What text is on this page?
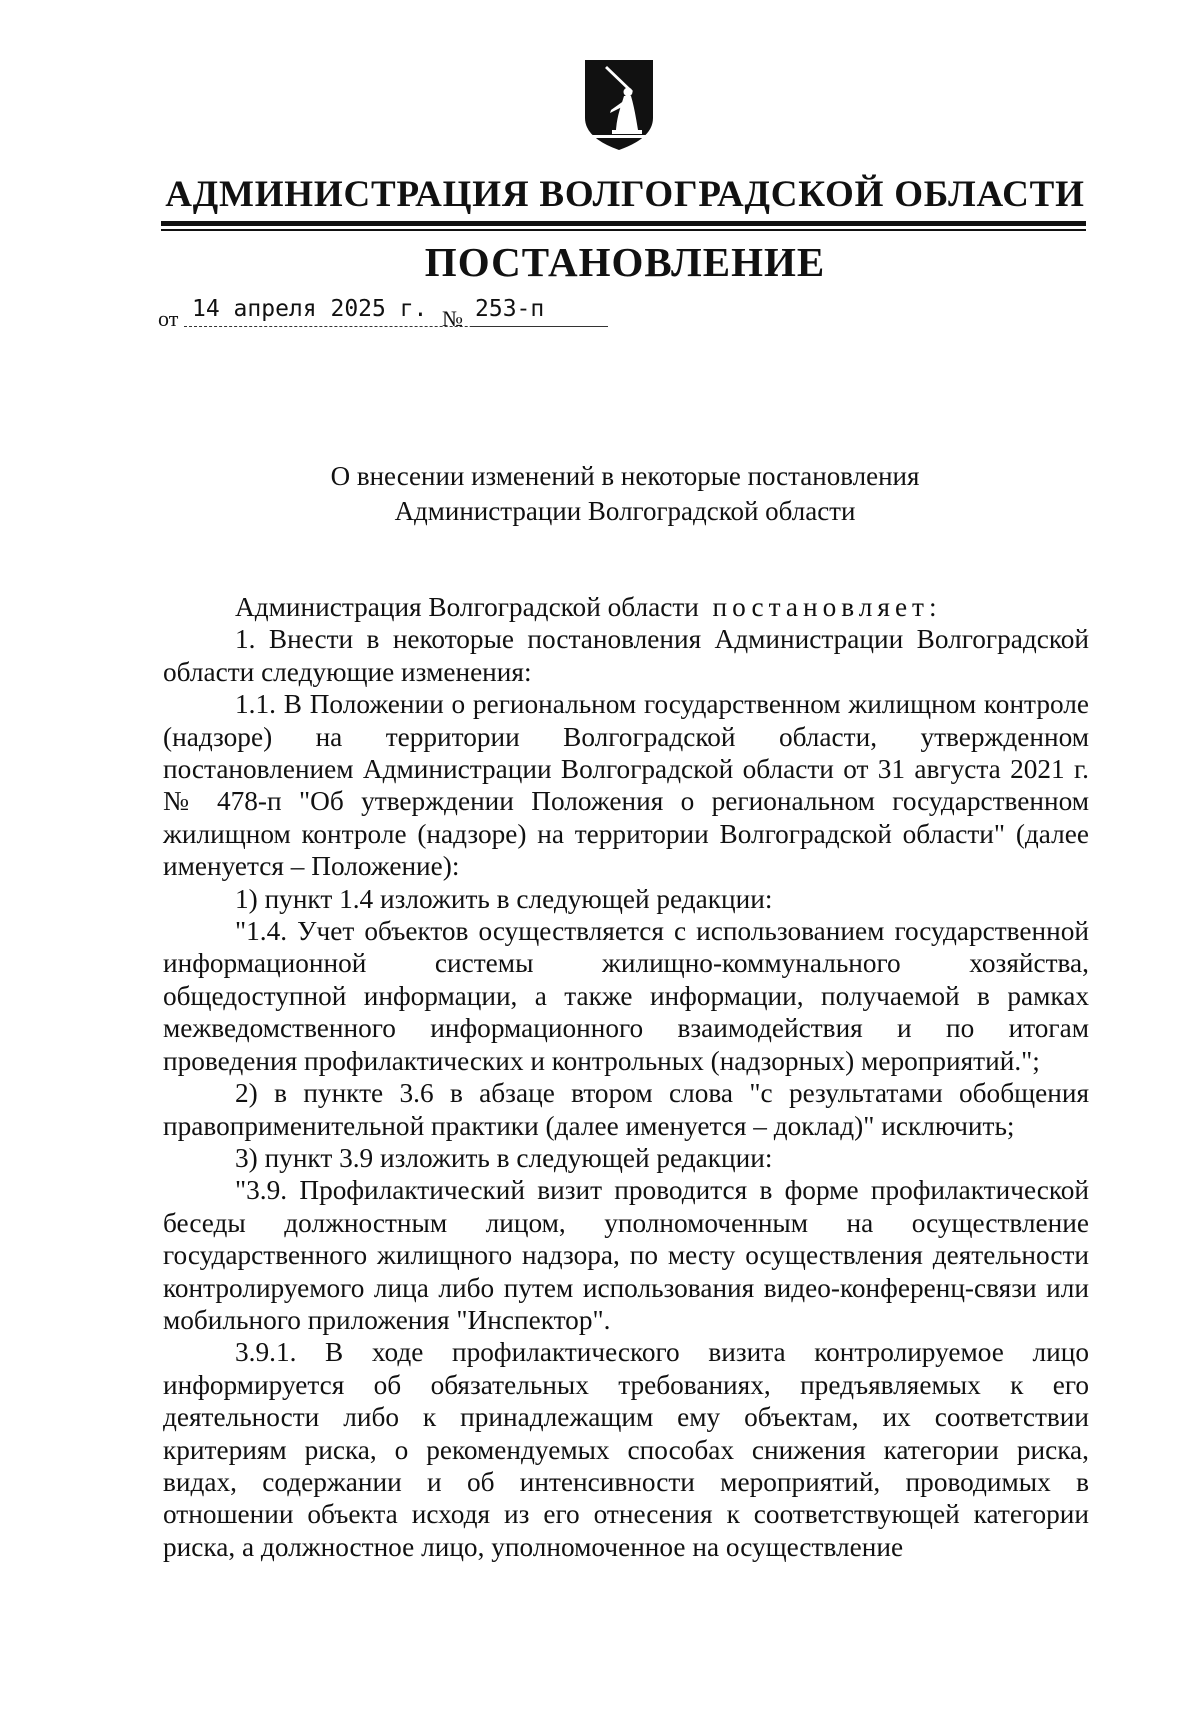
АДМИНИСТРАЦИЯ ВОЛГОГРАДСКОЙ ОБЛАСТИ
ПОСТАНОВЛЕНИЕ
от 14 апреля 2025 г. № 253-п
О внесении изменений в некоторые постановления
Администрации Волгоградской области

Администрация Волгоградской области постановляет:

1. Внести в некоторые постановления Администрации Волгоградской области следующие изменения:

1.1. В Положении о региональном государственном жилищном контроле (надзоре) на территории Волгоградской области, утвержденном постановлением Администрации Волгоградской области от 31 августа 2021 г. № 478-п "Об утверждении Положения о региональном государственном жилищном контроле (надзоре) на территории Волгоградской области" (далее именуется – Положение):

1) пункт 1.4 изложить в следующей редакции:

"1.4. Учет объектов осуществляется с использованием государственной информационной системы жилищно-коммунального хозяйства, общедоступной информации, а также информации, получаемой в рамках межведомственного информационного взаимодействия и по итогам проведения профилактических и контрольных (надзорных) мероприятий.";

2) в пункте 3.6 в абзаце втором слова "с результатами обобщения правоприменительной практики (далее именуется – доклад)" исключить;

3) пункт 3.9 изложить в следующей редакции:

"3.9. Профилактический визит проводится в форме профилактической беседы должностным лицом, уполномоченным на осуществление государственного жилищного надзора, по месту осуществления деятельности контролируемого лица либо путем использования видео-конференц-связи или мобильного приложения "Инспектор".

3.9.1. В ходе профилактического визита контролируемое лицо информируется об обязательных требованиях, предъявляемых к его деятельности либо к принадлежащим ему объектам, их соответствии критериям риска, о рекомендуемых способах снижения категории риска, видах, содержании и об интенсивности мероприятий, проводимых в отношении объекта исходя из его отнесения к соответствующей категории риска, а должностное лицо, уполномоченное на осуществление
